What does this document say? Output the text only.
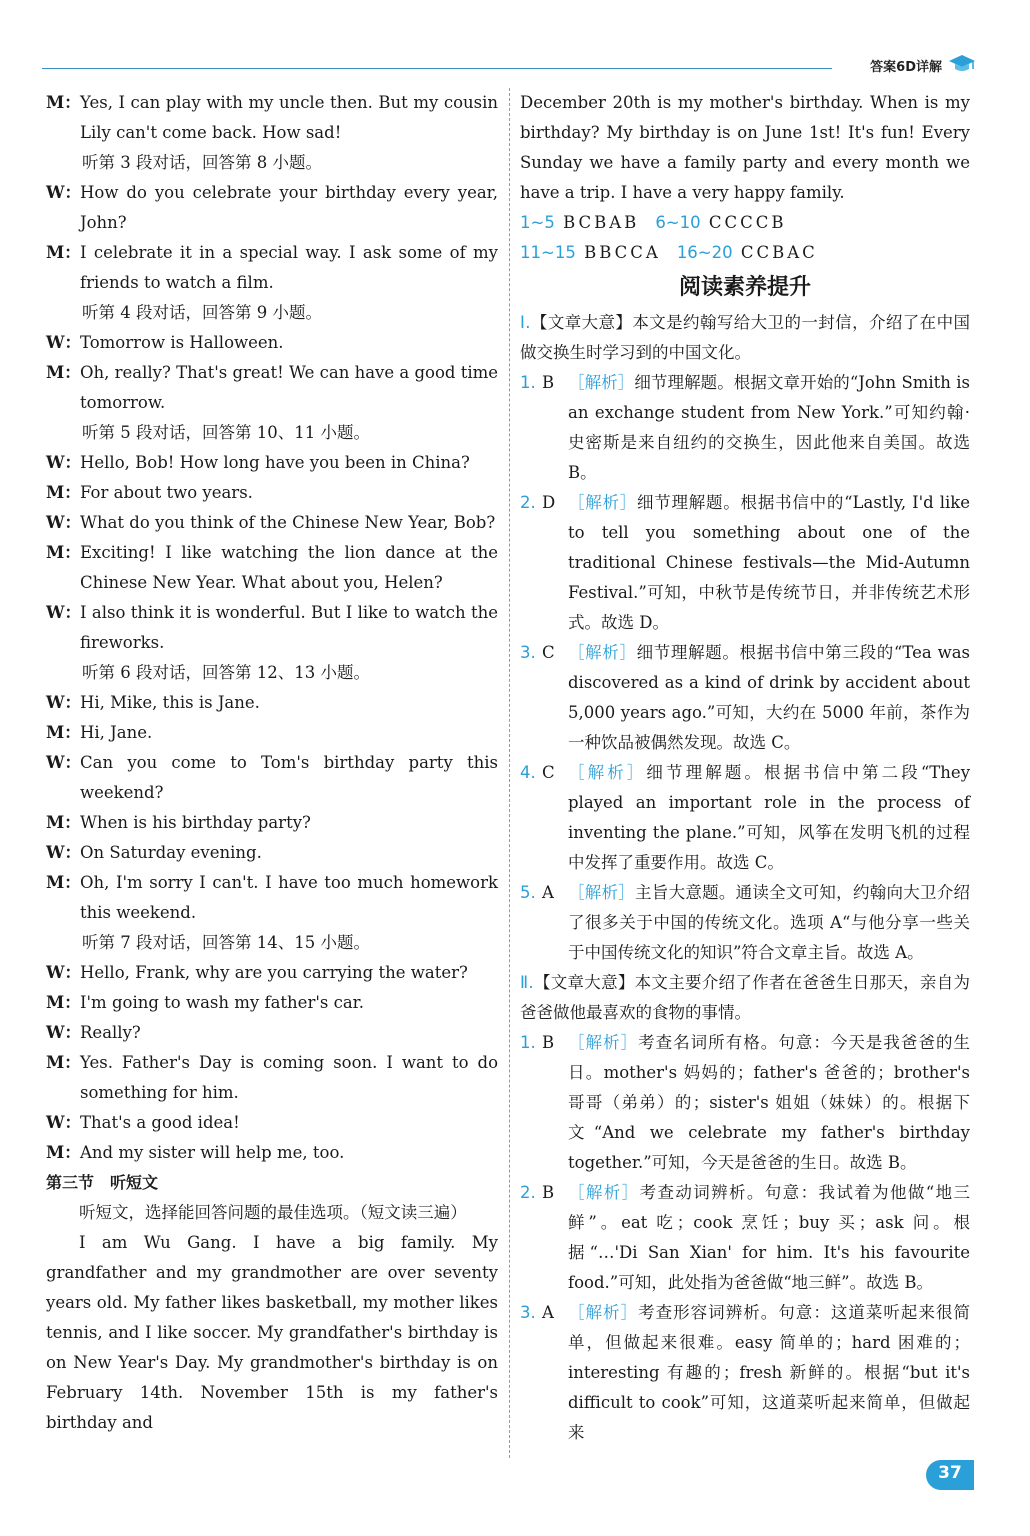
答案6D详解
M： Yes, I can play with my uncle then. But my cousin Lily can't come back. How sad!
听第 3 段对话，回答第 8 小题。
W：
How do you celebrate your birthday every year, John?
M： I celebrate it in a special way. I ask some of my friends to watch a film.
听第 4 段对话，回答第 9 小题。
W：
Tomorrow is Halloween.
M： Oh, really? That's great! We can have a good time tomorrow.
听第 5 段对话，回答第 10、11 小题。
W：
Hello, Bob! How long have you been in China?
M： For about two years.
W：
What do you think of the Chinese New Year, Bob?
M： Exciting! I like watching the lion dance at the Chinese New Year. What about you, Helen?
W：
I also think it is wonderful. But I like to watch the fireworks.
听第 6 段对话，回答第 12、13 小题。
W：
Hi, Mike, this is Jane.
M： Hi, Jane.
W：
Can you come to Tom's birthday party this weekend?
M： When is his birthday party?
W：
On Saturday evening.
M： Oh, I'm sorry I can't. I have too much homework this weekend.
听第 7 段对话，回答第 14、15 小题。
W：
Hello, Frank, why are you carrying the water?
M： I'm going to wash my father's car.
W：
Really?
M： Yes. Father's Day is coming soon. I want to do something for him.
W：
That's a good idea!
M： And my sister will help me, too.
第三节　听短文
听短文，选择能回答问题的最佳选项。（短文读三遍）
I am Wu Gang. I have a big family. My grandfather and my grandmother are over seventy years old. My father likes basketball, my mother likes tennis, and I like soccer. My grandfather's birthday is on New Year's Day. My grandmother's birthday is on February 14th. November 15th is my father's birthday and
December 20th is my mother's birthday. When is my birthday? My birthday is on June 1st! It's fun! Every Sunday we have a family party and every month we have a trip. I have a very happy family.
1~5 BCBAB 6~10 CCCCB
11~15 BBCCA 16~20 CCBAC
阅读素养提升
Ⅰ.【文章大意】本文是约翰写给大卫的一封信，介绍了在中国做交换生时学习到的中国文化。
1. B ［解析］细节理解题。根据文章开始的“John Smith is an exchange student from New York.”可知约翰·史密斯是来自纽约的交换生，因此他来自美国。故选 B。
2. D ［解析］细节理解题。根据书信中的“Lastly, I'd like to tell you something about one of the traditional Chinese festivals—the Mid-Autumn Festival.”可知，中秋节是传统节日，并非传统艺术形式。故选 D。
3. C ［解析］细节理解题。根据书信中第三段的“Tea was discovered as a kind of drink by accident about 5,000 years ago.”可知，大约在 5000 年前，茶作为一种饮品被偶然发现。故选 C。
4. C ［解析］细节理解题。根据书信中第二段“They played an important role in the process of inventing the plane.”可知，风筝在发明飞机的过程中发挥了重要作用。故选 C。
5. A ［解析］主旨大意题。通读全文可知，约翰向大卫介绍了很多关于中国的传统文化。选项 A“与他分享一些关于中国传统文化的知识”符合文章主旨。故选 A。
Ⅱ.【文章大意】本文主要介绍了作者在爸爸生日那天，亲自为爸爸做他最喜欢的食物的事情。
1. B ［解析］考查名词所有格。句意：今天是我爸爸的生日。mother's 妈妈的；father's 爸爸的；brother's 哥哥（弟弟）的；sister's 姐姐（妹妹）的。根据下文“And we celebrate my father's birthday together.”可知，今天是爸爸的生日。故选 B。
2. B ［解析］考查动词辨析。句意：我试着为他做“地三鲜”。eat 吃；cook 烹饪；buy 买；ask 问。根据“…'Di San Xian' for him. It's his favourite food.”可知，此处指为爸爸做“地三鲜”。故选 B。
3. A ［解析］考查形容词辨析。句意：这道菜听起来很简单，但做起来很难。easy 简单的；hard 困难的；interesting 有趣的；fresh 新鲜的。根据“but it's difficult to cook”可知，这道菜听起来简单，但做起来
37
